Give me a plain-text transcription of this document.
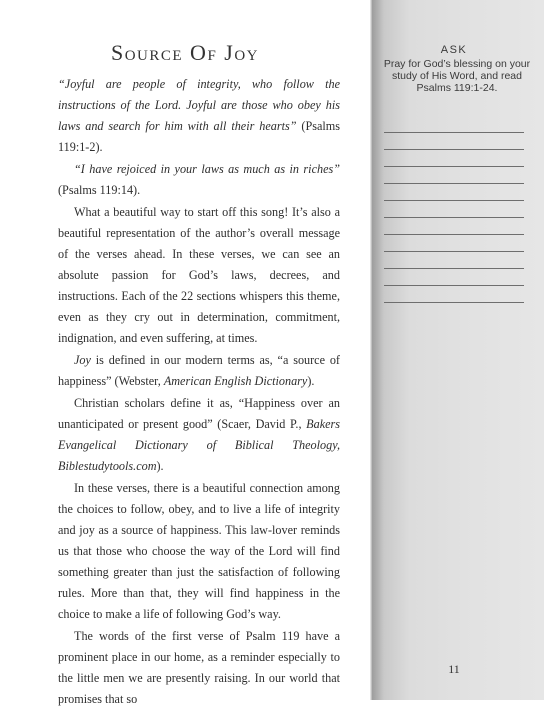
Source Of Joy

“Joyful are people of integrity, who follow the instructions of the Lord. Joyful are those who obey his laws and search for him with all their hearts” (Psalms 119:1-2).

“I have rejoiced in your laws as much as in riches” (Psalms 119:14).

What a beautiful way to start off this song! It’s also a beautiful representation of the author’s overall message of the verses ahead. In these verses, we can see an absolute passion for God’s laws, decrees, and instructions. Each of the 22 sections whispers this theme, even as they cry out in determination, commitment, indignation, and even suffering, at times.

Joy is defined in our modern terms as, “a source of happiness” (Webster, American English Dictionary).

Christian scholars define it as, “Happiness over an unanticipated or present good” (Scaer, David P., Bakers Evangelical Dictionary of Biblical Theology, Biblestudytools.com).

In these verses, there is a beautiful connection among the choices to follow, obey, and to live a life of integrity and joy as a source of happiness. This law-lover reminds us that those who choose the way of the Lord will find something greater than just the satisfaction of following rules. More than that, they will find happiness in the choice to make a life of following God’s way.

The words of the first verse of Psalm 119 have a prominent place in our home, as a reminder especially to the little men we are presently raising. In our world that promises that so

ASK
Pray for God’s blessing on your study of His Word, and read Psalms 119:1-24.
11
